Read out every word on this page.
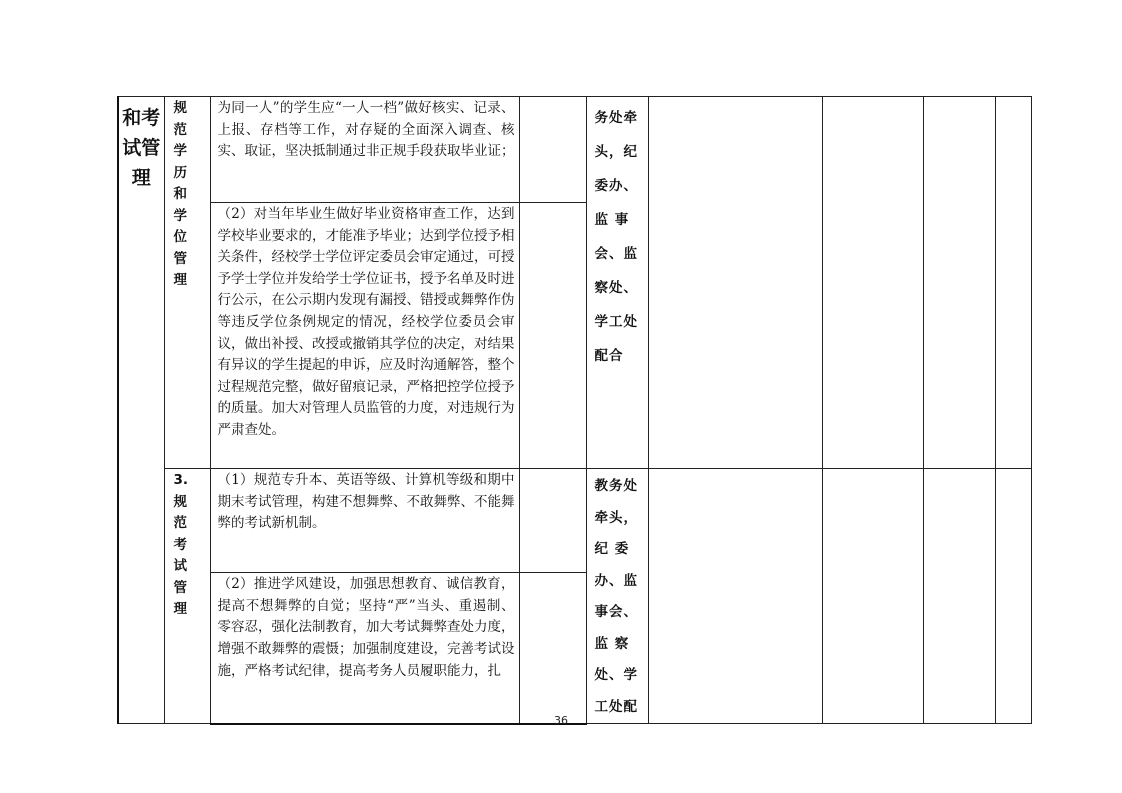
和考试管理	规范学历和学位管理	为同一人”的学生应“一人一档”做好核实、记录、上报、存档等工作，对存疑的全面深入调查、核实、取证，坚决抵制通过非正规手段获取毕业证；		务处牵头，纪委办、监 事会、监察处、学工处配合				

		（2）对当年毕业生做好毕业资格审查工作，达到学校毕业要求的，才能准予毕业；达到学位授予相关条件，经校学士学位评定委员会审定通过，可授予学士学位并发给学士学位证书，授予名单及时进行公示，在公示期内发现有漏授、错授或舞弊作伪等违反学位条例规定的情况，经校学位委员会审议，做出补授、改授或撤销其学位的决定，对结果有异议的学生提起的申诉，应及时沟通解答，整个过程规范完整，做好留痕记录，严格把控学位授予的质量。加大对管理人员监管的力度，对违规行为严肃查处。						

	3.规范考试管理	（1）规范专升本、英语等级、计算机等级和期中期末考试管理，构建不想舞弊、不敢舞弊、不能舞弊的考试新机制。		教务处牵头，纪 委办、监事会、监 察处、学工处配				

		（2）推进学风建设，加强思想教育、诚信教育，提高不想舞弊的自觉；坚持“严”当头、重遏制、零容忍，强化法制教育，加大考试舞弊查处力度，增强不敢舞弊的震慑；加强制度建设，完善考试设施，严格考试纪律，提高考务人员履职能力，扎						

36
